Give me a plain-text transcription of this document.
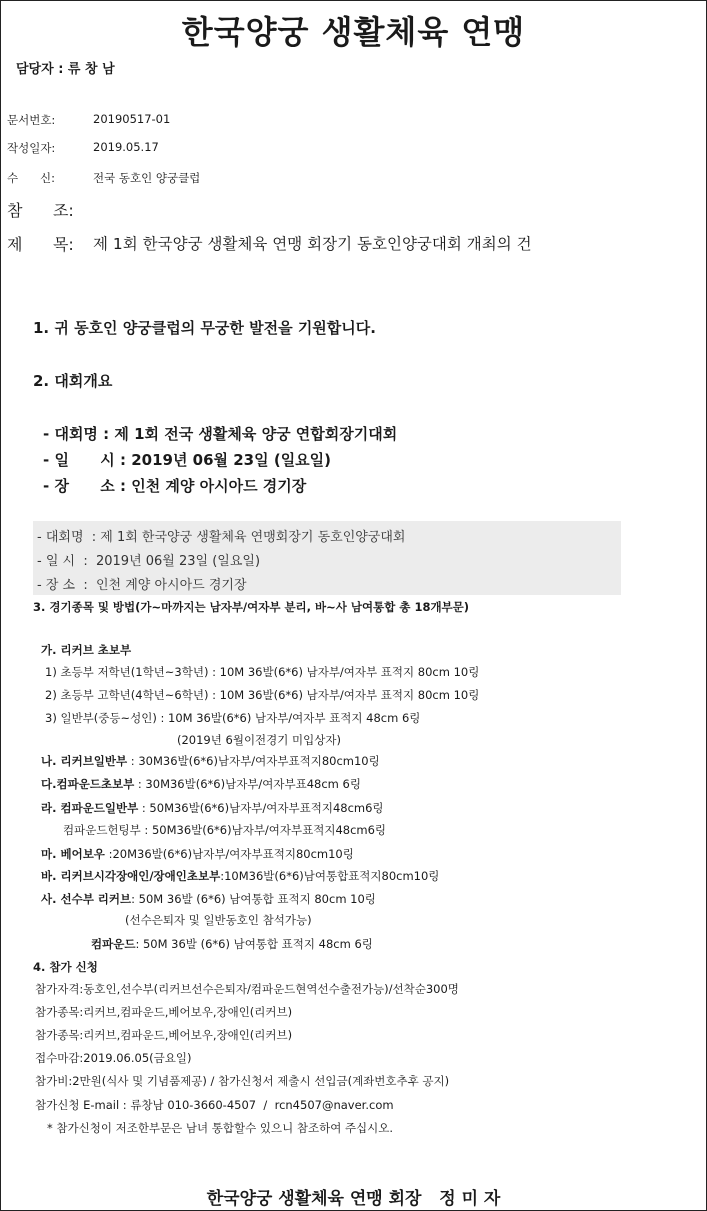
한국양궁 생활체육 연맹
담당자 : 류 창 남
문서번호:	20190517-01
작성일자:	2019.05.17
수      신:	전국 동호인 양궁클럽
참      조:
제      목: 제 1회 한국양궁 생활체육 연맹 회장기 동호인양궁대회 개최의 건
1. 귀 동호인 양궁클럽의 무궁한 발전을 기원합니다.
2. 대회개요
- 대회명 : 제 1회 전국 생활체육 양궁 연합회장기대회
- 일      시 : 2019년 06월 23일 (일요일)
- 장      소 : 인천 계양 아시아드 경기장
- 대회명  : 제 1회 한국양궁 생활체육 연맹회장기 동호인양궁대회
- 일 시  :  2019년 06월 23일 (일요일)
- 장 소  :  인천 계양 아시아드 경기장
3. 경기종목 및 방법(가~마까지는 남자부/여자부 분리, 바~사 남여통합 총 18개부문)
가. 리커브 초보부
1) 초등부 저학년(1학년~3학년) : 10M 36발(6*6) 남자부/여자부 표적지 80cm 10링
2) 초등부 고학년(4학년~6학년) : 10M 36발(6*6) 남자부/여자부 표적지 80cm 10링
3) 일반부(중등~성인) : 10M 36발(6*6) 남자부/여자부 표적지 48cm 6링
(2019년 6월이전경기 미입상자)
나. 리커브일반부 : 30M36발(6*6)남자부/여자부표적지80cm10링
다.컴파운드초보부 : 30M36발(6*6)남자부/여자부표48cm 6링
라. 컴파운드일반부 : 50M36발(6*6)남자부/여자부표적지48cm6링
컴파운드헌팅부 : 50M36발(6*6)남자부/여자부표적지48cm6링
마. 베어보우 :20M36발(6*6)남자부/여자부표적지80cm10링
바. 리커브시각장애인/장애인초보부:10M36발(6*6)남여통합표적지80cm10링
사. 선수부 리커브: 50M 36발 (6*6) 남여통합 표적지 80cm 10링
(선수은퇴자 및 일반동호인 참석가능)
컴파운드: 50M 36발 (6*6) 남여통합 표적지 48cm 6링
4. 참가 신청
참가자격:동호인,선수부(리커브선수은퇴자/컴파운드현역선수출전가능)/선착순300명
참가종목:리커브,컴파운드,베어보우,장애인(리커브)
참가종목:리커브,컴파운드,베어보우,장애인(리커브)
접수마감:2019.06.05(금요일)
참가비:2만원(식사 및 기념품제공) / 참가신청서 제출시 선입금(계좌번호추후 공지)
참가신청 E-mail : 류창남 010-3660-4507  /  rcn4507@naver.com
* 참가신청이 저조한부문은 남녀 통합할수 있으니 참조하여 주십시오.
한국양궁 생활체육 연맹 회장   정 미 자
